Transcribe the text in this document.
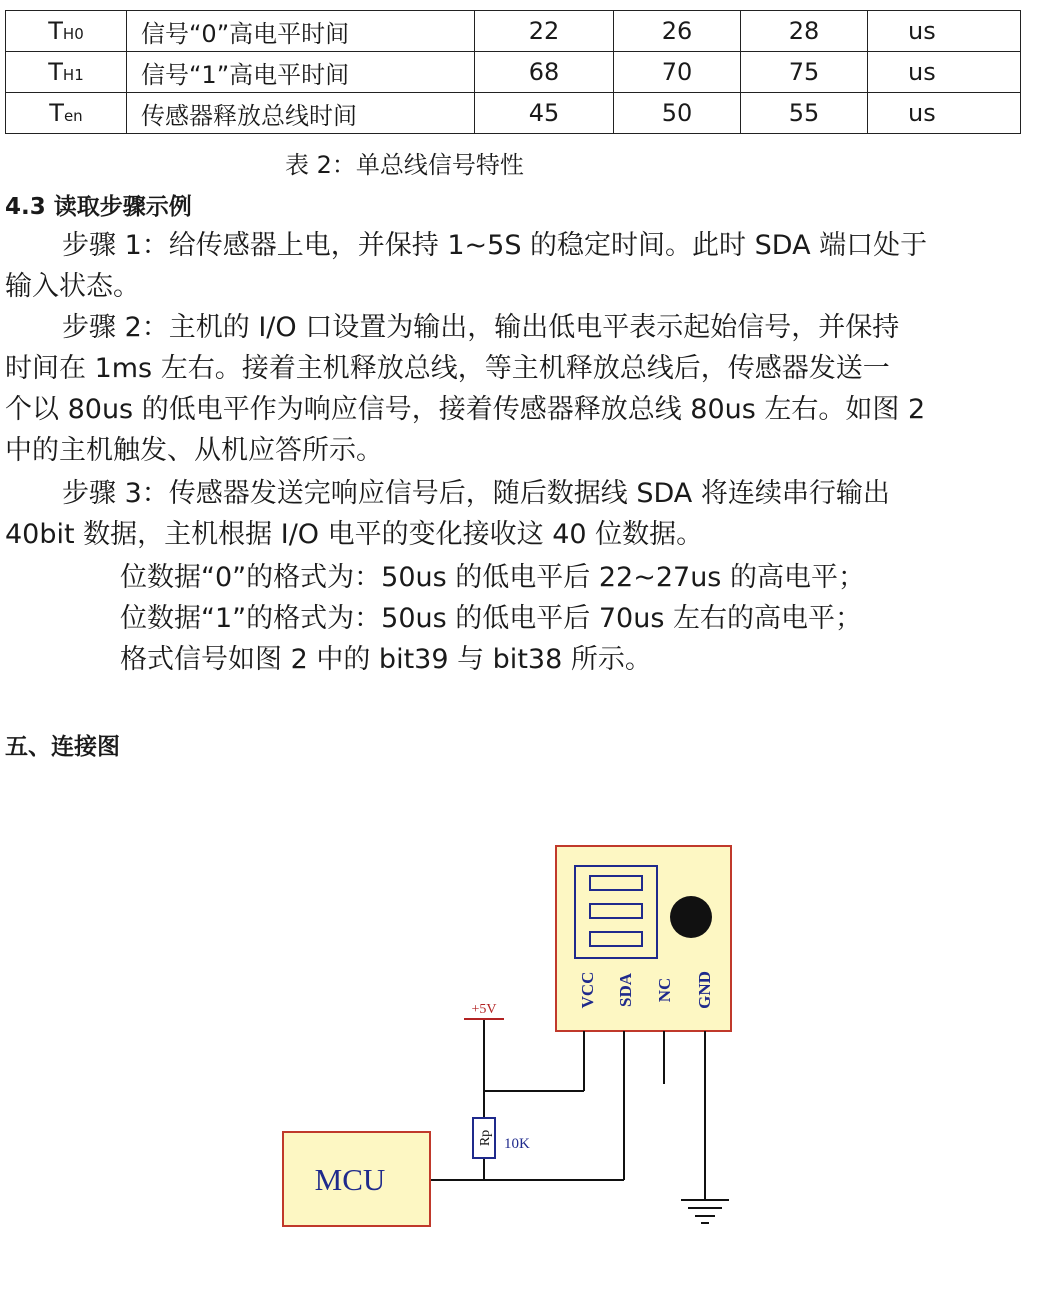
TH0	信号“0”高电平时间	22	26	28	us
TH1	信号“1”高电平时间	68	70	75	us
Ten	传感器释放总线时间	45	50	55	us
表 2：单总线信号特性
4.3 读取步骤示例
步骤 1：给传感器上电，并保持 1~5S 的稳定时间。此时 SDA 端口处于
输入状态。
步骤 2：主机的 I/O 口设置为输出，输出低电平表示起始信号，并保持
时间在 1ms 左右。接着主机释放总线，等主机释放总线后，传感器发送一
个以 80us 的低电平作为响应信号，接着传感器释放总线 80us 左右。如图 2
中的主机触发、从机应答所示。
步骤 3：传感器发送完响应信号后，随后数据线 SDA 将连续串行输出
40bit 数据，主机根据 I/O 电平的变化接收这 40 位数据。
位数据“0”的格式为：50us 的低电平后 22~27us 的高电平；
位数据“1”的格式为：50us 的低电平后 70us 左右的高电平；
格式信号如图 2 中的 bit39 与 bit38 所示。
五、连接图
VCC SDA NC GND
+5V
Rp 10K
MCU
